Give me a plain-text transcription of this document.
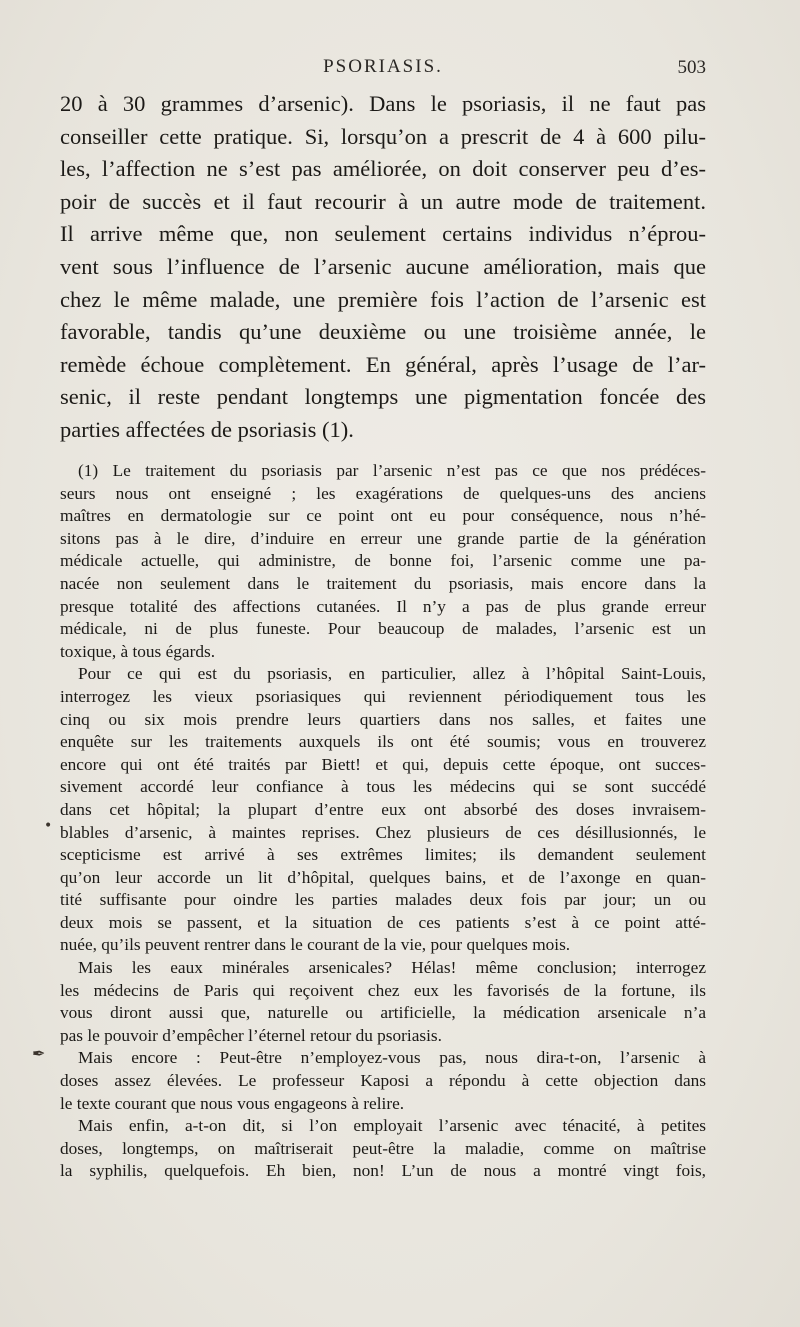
PSORIASIS.	503

20 à 30 grammes d’arsenic). Dans le psoriasis, il ne faut pas
conseiller cette pratique. Si, lorsqu’on a prescrit de 4 à 600 pilu-
les, l’affection ne s’est pas améliorée, on doit conserver peu d’es-
poir de succès et il faut recourir à un autre mode de traitement.
Il arrive même que, non seulement certains individus n’éprou-
vent sous l’influence de l’arsenic aucune amélioration, mais que
chez le même malade, une première fois l’action de l’arsenic est
favorable, tandis qu’une deuxième ou une troisième année, le
remède échoue complètement. En général, après l’usage de l’ar-
senic, il reste pendant longtemps une pigmentation foncée des
parties affectées de psoriasis (1).

(1) Le traitement du psoriasis par l’arsenic n’est pas ce que nos prédéces-
seurs nous ont enseigné ; les exagérations de quelques-uns des anciens
maîtres en dermatologie sur ce point ont eu pour conséquence, nous n’hé-
sitons pas à le dire, d’induire en erreur une grande partie de la génération
médicale actuelle, qui administre, de bonne foi, l’arsenic comme une pa-
nacée non seulement dans le traitement du psoriasis, mais encore dans la
presque totalité des affections cutanées. Il n’y a pas de plus grande erreur
médicale, ni de plus funeste. Pour beaucoup de malades, l’arsenic est un
toxique, à tous égards.

Pour ce qui est du psoriasis, en particulier, allez à l’hôpital Saint-Louis,
interrogez les vieux psoriasiques qui reviennent périodiquement tous les
cinq ou six mois prendre leurs quartiers dans nos salles, et faites une
enquête sur les traitements auxquels ils ont été soumis; vous en trouverez
encore qui ont été traités par Biett! et qui, depuis cette époque, ont succes-
sivement accordé leur confiance à tous les médecins qui se sont succédé
dans cet hôpital; la plupart d’entre eux ont absorbé des doses invraisem-
blables d’arsenic, à maintes reprises. Chez plusieurs de ces désillusionnés, le
scepticisme est arrivé à ses extrêmes limites; ils demandent seulement
qu’on leur accorde un lit d’hôpital, quelques bains, et de l’axonge en quan-
tité suffisante pour oindre les parties malades deux fois par jour; un ou
deux mois se passent, et la situation de ces patients s’est à ce point atté-
nuée, qu’ils peuvent rentrer dans le courant de la vie, pour quelques mois.

Mais les eaux minérales arsenicales? Hélas! même conclusion; interrogez
les médecins de Paris qui reçoivent chez eux les favorisés de la fortune, ils
vous diront aussi que, naturelle ou artificielle, la médication arsenicale n’a
pas le pouvoir d’empêcher l’éternel retour du psoriasis.

Mais encore : Peut-être n’employez-vous pas, nous dira-t-on, l’arsenic à
doses assez élevées. Le professeur Kaposi a répondu à cette objection dans
le texte courant que nous vous engageons à relire.

Mais enfin, a-t-on dit, si l’on employait l’arsenic avec ténacité, à petites
doses, longtemps, on maîtriserait peut-être la maladie, comme on maîtrise
la syphilis, quelquefois. Eh bien, non! L’un de nous a montré vingt fois,

•
✒
